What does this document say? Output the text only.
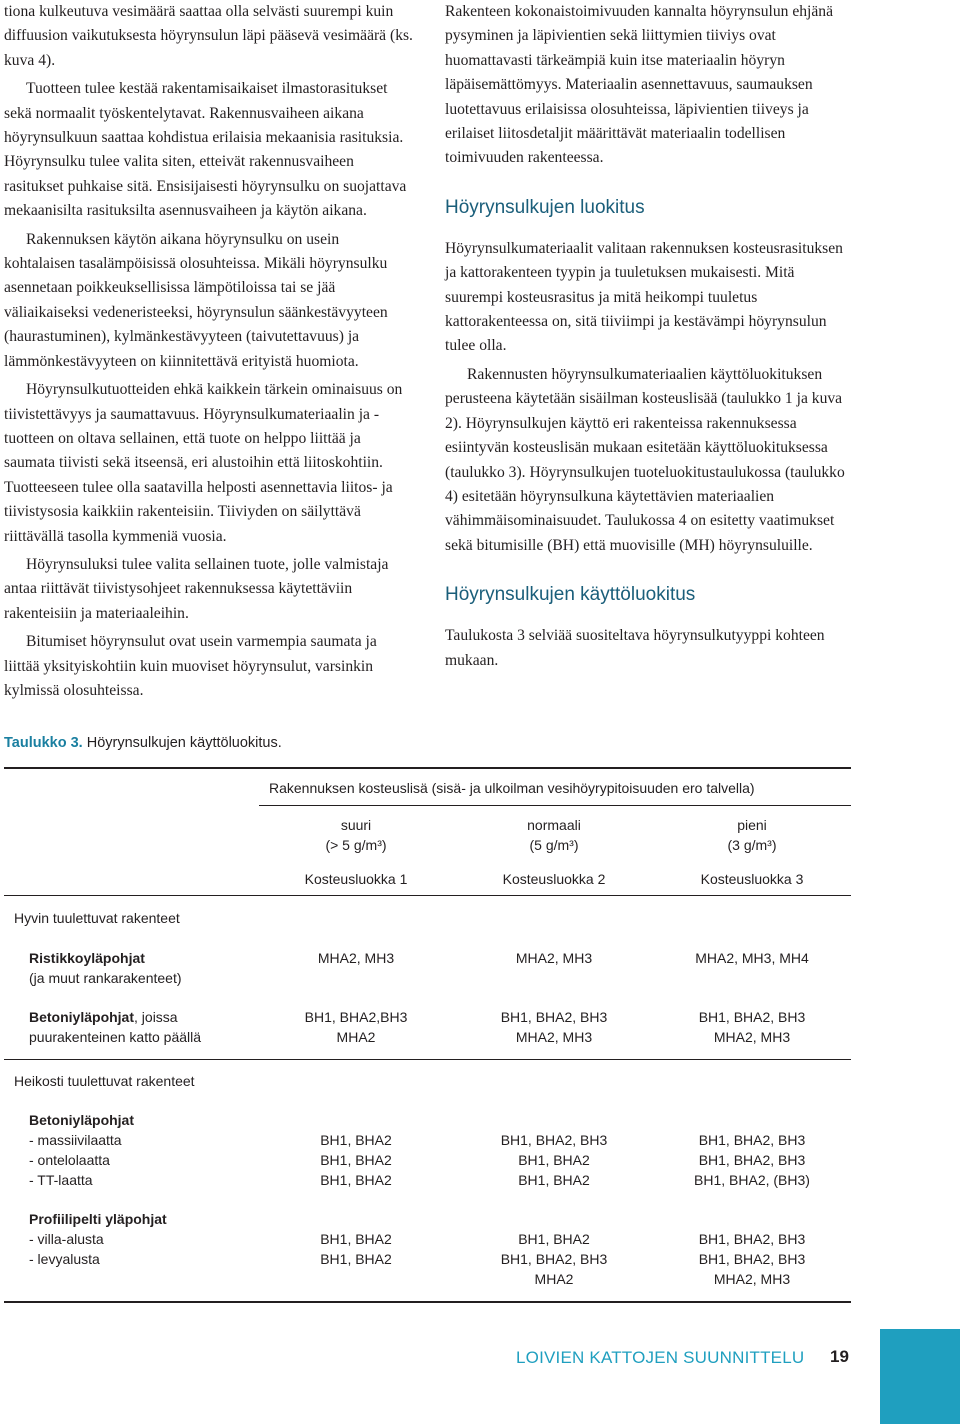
tiona kulkeutuva vesimäärä saattaa olla selvästi suurempi kuin diffuusion vaikutuksesta höyrynsulun läpi pääsevä vesimäärä (ks. kuva 4).

Tuotteen tulee kestää rakentamisaikaiset ilmastorasitukset sekä normaalit työskentelytavat. Rakennusvaiheen aikana höyrynsulkuun saattaa kohdistua erilaisia mekaanisia rasituksia. Höyrynsulku tulee valita siten, etteivät rakennusvaiheen rasitukset puhkaise sitä. Ensisijaisesti höyrynsulku on suojattava mekaanisilta rasituksilta asennusvaiheen ja käytön aikana.

Rakennuksen käytön aikana höyrynsulku on usein kohtalaisen tasalämpöisissä olosuhteissa. Mikäli höyrynsulku asennetaan poikkeuksellisissa lämpötiloissa tai se jää väliaikaiseksi vedeneristeeksi, höyrynsulun säänkestävyyteen (haurastuminen), kylmänkestävyyteen (taivutettavuus) ja lämmönkestävyyteen on kiinnitettävä erityistä huomiota.

Höyrynsulkutuotteiden ehkä kaikkein tärkein ominaisuus on tiivistettävyys ja saumattavuus. Höyrynsulkumateriaalin ja -tuotteen on oltava sellainen, että tuote on helppo liittää ja saumata tiivisti sekä itseensä, eri alustoihin että liitoskohtiin. Tuotteeseen tulee olla saatavilla helposti asennettavia liitos- ja tiivistysosia kaikkiin rakenteisiin. Tiiviyden on säilyttävä riittävällä tasolla kymmeniä vuosia.

Höyrynsuluksi tulee valita sellainen tuote, jolle valmistaja antaa riittävät tiivistysohjeet rakennuksessa käytettäviin rakenteisiin ja materiaaleihin.

Bitumiset höyrynsulut ovat usein varmempia saumata ja liittää yksityiskohtiin kuin muoviset höyrynsulut, varsinkin kylmissä olosuhteissa.

Rakenteen kokonaistoimivuuden kannalta höyrynsulun ehjänä pysyminen ja läpivientien sekä liittymien tiiviys ovat huomattavasti tärkeämpiä kuin itse materiaalin höyryn läpäisemättömyys. Materiaalin asennettavuus, saumauksen luotettavuus erilaisissa olosuhteissa, läpivientien tiiveys ja erilaiset liitosdetaljit määrittävät materiaalin todellisen toimivuuden rakenteessa.

Höyrynsulkujen luokitus

Höyrynsulkumateriaalit valitaan rakennuksen kosteusrasituksen ja kattorakenteen tyypin ja tuuletuksen mukaisesti. Mitä suurempi kosteusrasitus ja mitä heikompi tuuletus kattorakenteessa on, sitä tiiviimpi ja kestävämpi höyrynsulun tulee olla.

Rakennusten höyrynsulkumateriaalien käyttöluokituksen perusteena käytetään sisäilman kosteuslisää (taulukko 1 ja kuva 2). Höyrynsulkujen käyttö eri rakenteissa rakennuksessa esiintyvän kosteuslisän mukaan esitetään käyttöluokituksessa (taulukko 3). Höyrynsulkujen tuoteluokitustaulukossa (taulukko 4) esitetään höyrynsulkuna käytettävien materiaalien vähimmäisominaisuudet. Taulukossa 4 on esitetty vaatimukset sekä bitumisille (BH) että muovisille (MH) höyrynsuluille.

Höyrynsulkujen käyttöluokitus

Taulukosta 3 selviää suositeltava höyrynsulkutyyppi kohteen mukaan.

Taulukko 3. Höyrynsulkujen käyttöluokitus.
Rakennuksen kosteuslisä (sisä- ja ulkoilman vesihöyrypitoisuuden ero talvella)
suuri
(> 5 g/m³)
Kosteusluokka 1
normaali
(5 g/m³)
Kosteusluokka 2
pieni
(3 g/m³)
Kosteusluokka 3
Hyvin tuulettuvat rakenteet
Ristikkoyläpohjat
(ja muut rankarakenteet)
MHA2, MH3	MHA2, MH3	MHA2, MH3, MH4
Betoniyläpohjat, joissa
puurakenteinen katto päällä
BH1, BHA2,BH3
MHA2
BH1, BHA2, BH3
MHA2, MH3
BH1, BHA2, BH3
MHA2, MH3
Heikosti tuulettuvat rakenteet
Betoniyläpohjat
- massiivilaatta
- ontelolaatta
- TT-laatta
BH1, BHA2
BH1, BHA2
BH1, BHA2
BH1, BHA2, BH3
BH1, BHA2
BH1, BHA2
BH1, BHA2, BH3
BH1, BHA2, BH3
BH1, BHA2, (BH3)
Profiilipelti yläpohjat
- villa-alusta
- levyalusta
BH1, BHA2
BH1, BHA2
BH1, BHA2
BH1, BHA2, BH3
MHA2
BH1, BHA2, BH3
BH1, BHA2, BH3
MHA2, MH3
LOIVIEN KATTOJEN SUUNNITTELU 19
